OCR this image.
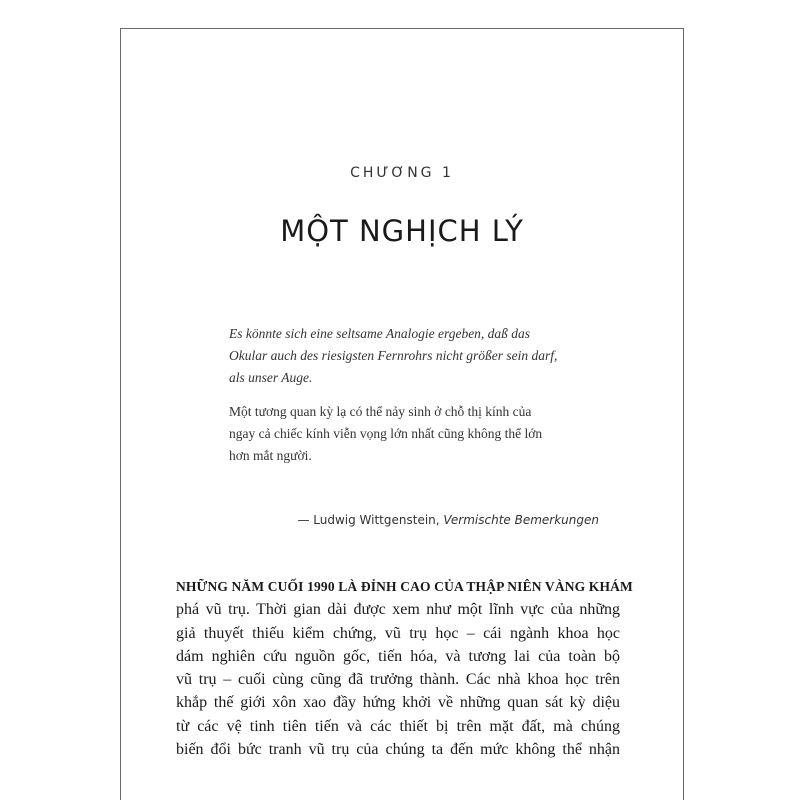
CHƯƠNG 1
MỘT NGHỊCH LÝ
Es könnte sich eine seltsame Analogie ergeben, daß das
Okular auch des riesigsten Fernrohrs nicht größer sein darf,
als unser Auge.
Một tương quan kỳ lạ có thể nảy sinh ở chỗ thị kính của
ngay cả chiếc kính viễn vọng lớn nhất cũng không thể lớn
hơn mắt người.
— Ludwig Wittgenstein, Vermischte Bemerkungen
NHỮNG NĂM CUỐI 1990 LÀ ĐỈNH CAO CỦA THẬP NIÊN VÀNG KHÁM
phá vũ trụ. Thời gian dài được xem như một lĩnh vực của những
giả thuyết thiếu kiểm chứng, vũ trụ học – cái ngành khoa học
dám nghiên cứu nguồn gốc, tiến hóa, và tương lai của toàn bộ
vũ trụ – cuối cùng cũng đã trưởng thành. Các nhà khoa học trên
khắp thế giới xôn xao đầy hứng khởi về những quan sát kỳ diệu
từ các vệ tinh tiên tiến và các thiết bị trên mặt đất, mà chúng
biến đổi bức tranh vũ trụ của chúng ta đến mức không thể nhận
